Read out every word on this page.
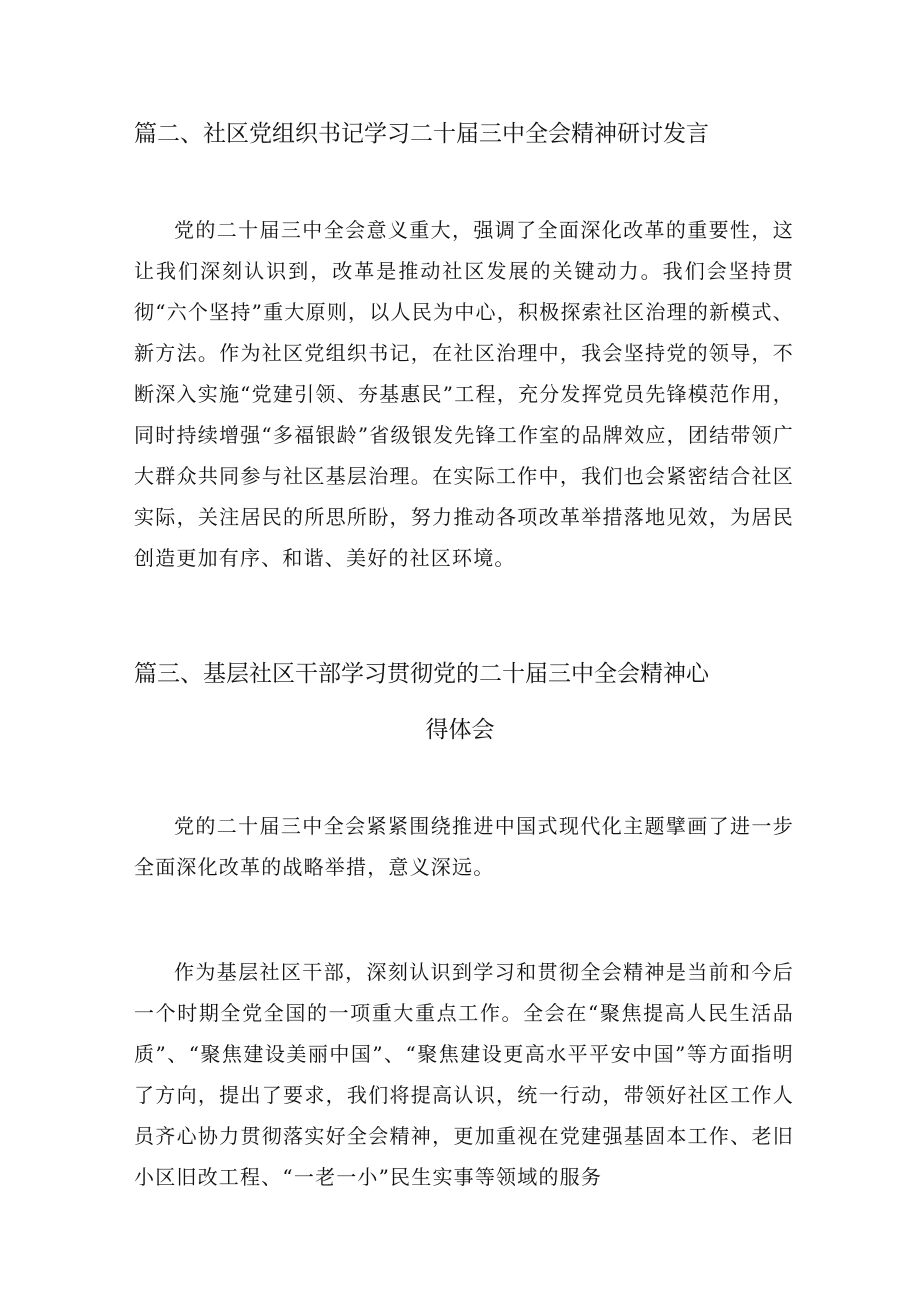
篇二、社区党组织书记学习二十届三中全会精神研讨发言

党的二十届三中全会意义重大，强调了全面深化改革的重要性，这让我们深刻认识到，改革是推动社区发展的关键动力。我们会坚持贯彻“六个坚持”重大原则，以人民为中心，积极探索社区治理的新模式、新方法。作为社区党组织书记，在社区治理中，我会坚持党的领导，不断深入实施“党建引领、夯基惠民”工程，充分发挥党员先锋模范作用，同时持续增强“多福银龄”省级银发先锋工作室的品牌效应，团结带领广大群众共同参与社区基层治理。在实际工作中，我们也会紧密结合社区实际，关注居民的所思所盼，努力推动各项改革举措落地见效，为居民创造更加有序、和谐、美好的社区环境。

篇三、基层社区干部学习贯彻党的二十届三中全会精神心
得体会

党的二十届三中全会紧紧围绕推进中国式现代化主题擘画了进一步全面深化改革的战略举措，意义深远。

作为基层社区干部，深刻认识到学习和贯彻全会精神是当前和今后一个时期全党全国的一项重大重点工作。全会在“聚焦提高人民生活品质”、“聚焦建设美丽中国”、“聚焦建设更高水平平安中国”等方面指明了方向，提出了要求，我们将提高认识，统一行动，带领好社区工作人员齐心协力贯彻落实好全会精神，更加重视在党建强基固本工作、老旧小区旧改工程、“一老一小”民生实事等领域的服务
